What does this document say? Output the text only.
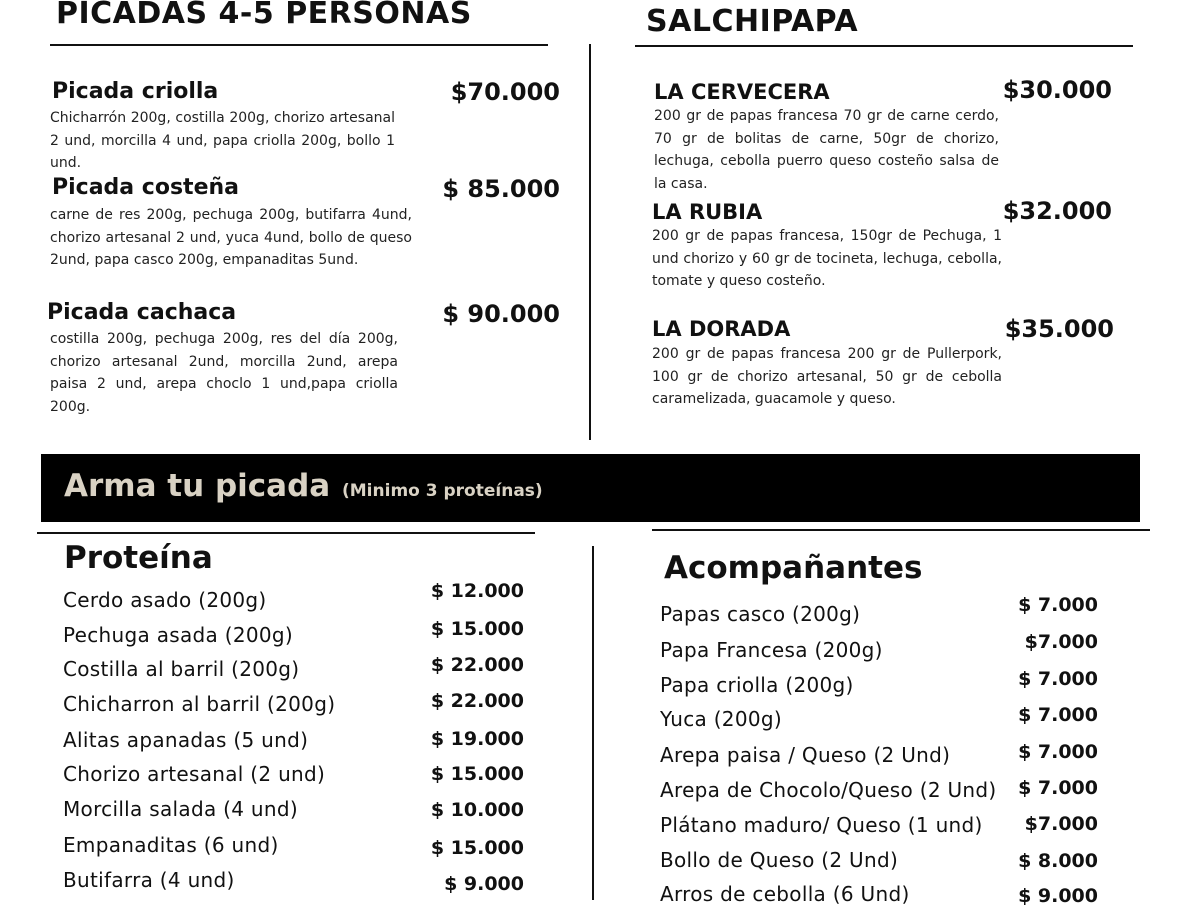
PICADAS 4-5 PERSONAS
Picada criolla	$70.000
Chicharrón 200g, costilla 200g, chorizo artesanal 2 und, morcilla 4 und, papa criolla 200g, bollo 1 und.
Picada costeña	$ 85.000
carne de res 200g, pechuga 200g, butifarra 4und, chorizo artesanal 2 und, yuca 4und, bollo de queso 2und, papa casco 200g, empanaditas 5und.
Picada cachaca	$ 90.000
costilla 200g, pechuga 200g, res del día 200g, chorizo artesanal 2und, morcilla 2und, arepa paisa 2 und, arepa choclo 1 und,papa criolla 200g.
SALCHIPAPA
LA CERVECERA	$30.000
200 gr de papas francesa 70 gr de carne cerdo, 70 gr de bolitas de carne, 50gr de chorizo, lechuga, cebolla puerro queso costeño salsa de la casa.
LA RUBIA	$32.000
200 gr de papas francesa, 150gr de Pechuga, 1 und chorizo y 60 gr de tocineta, lechuga, cebolla, tomate y queso costeño.
LA DORADA	$35.000
200 gr de papas francesa 200 gr de Pullerpork, 100 gr de chorizo artesanal, 50 gr de cebolla caramelizada, guacamole y queso.
Arma tu picada (Minimo 3 proteínas)
Proteína
Cerdo asado (200g)	$ 12.000
Pechuga asada (200g)	$ 15.000
Costilla al barril (200g)	$ 22.000
Chicharron al barril (200g)	$ 22.000
Alitas apanadas (5 und)	$ 19.000
Chorizo artesanal (2 und)	$ 15.000
Morcilla salada (4 und)	$ 10.000
Empanaditas (6 und)	$ 15.000
Butifarra (4 und)	$ 9.000
Acompañantes
Papas casco (200g)	$ 7.000
Papa Francesa (200g)	$7.000
Papa criolla (200g)	$ 7.000
Yuca (200g)	$ 7.000
Arepa paisa / Queso (2 Und)	$ 7.000
Arepa de Chocolo/Queso (2 Und)	$ 7.000
Plátano maduro/ Queso (1 und)	$7.000
Bollo de Queso (2 Und)	$ 8.000
Arros de cebolla (6 Und)	$ 9.000
